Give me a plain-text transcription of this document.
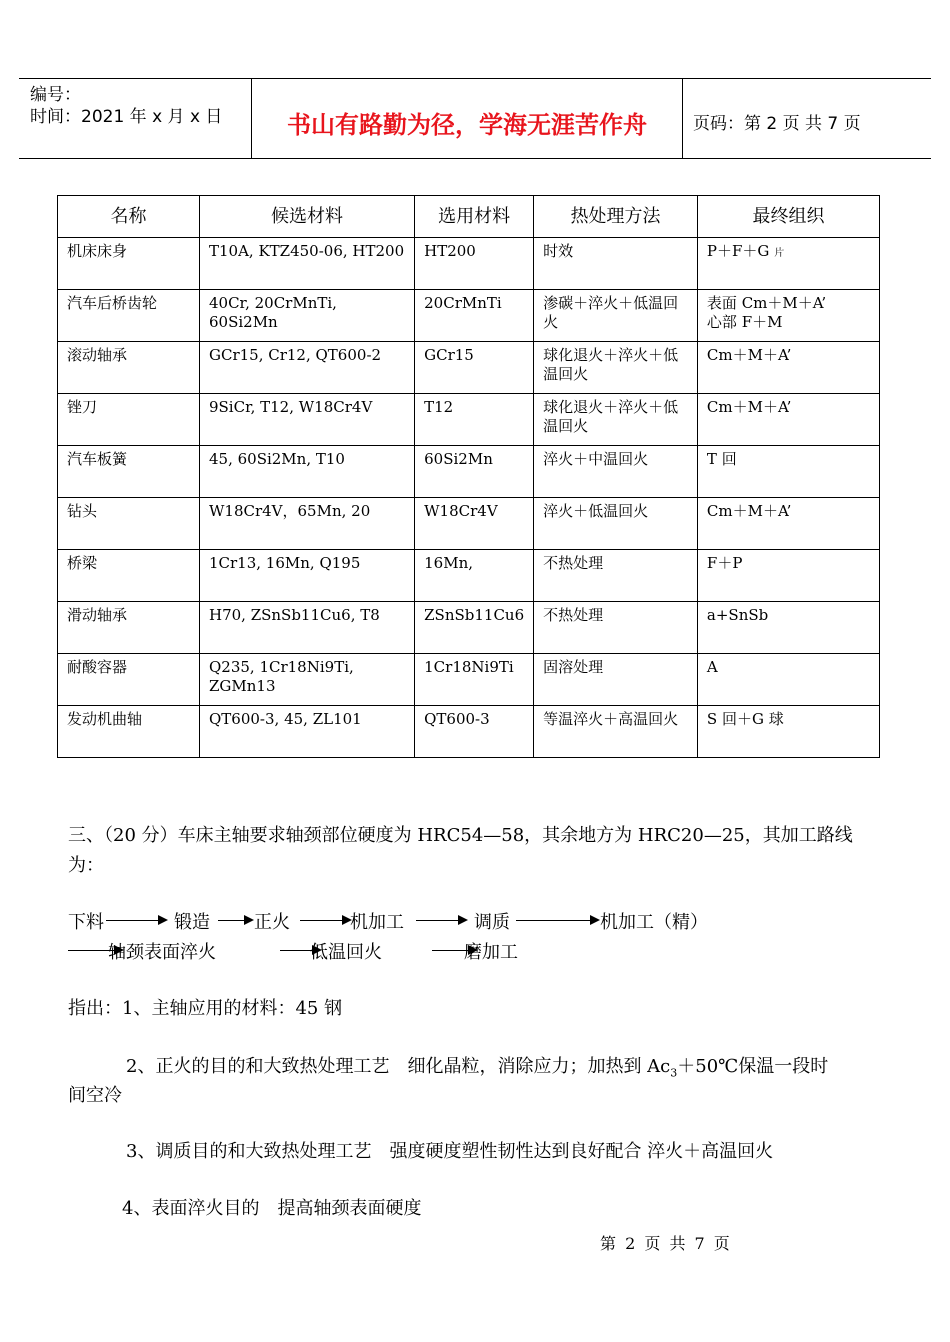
编号：
时间：2021 年 x 月 x 日	书山有路勤为径，学海无涯苦作舟	页码：第 2 页 共 7 页
名称	候选材料	选用材料	热处理方法	最终组织
机床床身	T10A, KTZ450-06, HT200	HT200	时效	P＋F＋G 片
汽车后桥齿轮	40Cr, 20CrMnTi, 60Si2Mn	20CrMnTi	渗碳＋淬火＋低温回火	表面 Cm＋M＋A’
心部 F＋M

滚动轴承	GCr15, Cr12, QT600-2	GCr15	球化退火＋淬火＋低温回火	Cm＋M＋A’
锉刀	9SiCr, T12, W18Cr4V	T12	球化退火＋淬火＋低温回火	Cm＋M＋A’
汽车板簧	45, 60Si2Mn, T10	60Si2Mn	淬火＋中温回火	T 回
钻头	W18Cr4V，65Mn, 20	W18Cr4V	淬火＋低温回火	Cm＋M＋A’
桥梁	1Cr13, 16Mn, Q195	16Mn,	不热处理	F＋P
滑动轴承	H70, ZSnSb11Cu6, T8	ZSnSb11Cu6	不热处理	a+SnSb
耐酸容器	Q235, 1Cr18Ni9Ti, ZGMn13	1Cr18Ni9Ti	固溶处理	A
发动机曲轴	QT600-3, 45, ZL101	QT600-3	等温淬火＋高温回火	S 回＋G 球
三、（20 分）车床主轴要求轴颈部位硬度为 HRC54—58，其余地方为 HRC20—25，其加工路线
为：
下料	锻造 正火	机加工	调质	机加工（精）
轴颈表面淬火	低温回火	磨加工
指出：1、主轴应用的材料：45 钢
2、正火的目的和大致热处理工艺　细化晶粒，消除应力；加热到 $Ac_3+50℃$保温一段时
间空冷
3、调质目的和大致热处理工艺　强度硬度塑性韧性达到良好配合 淬火＋高温回火
4、表面淬火目的　提高轴颈表面硬度
第 2 页 共 7 页
